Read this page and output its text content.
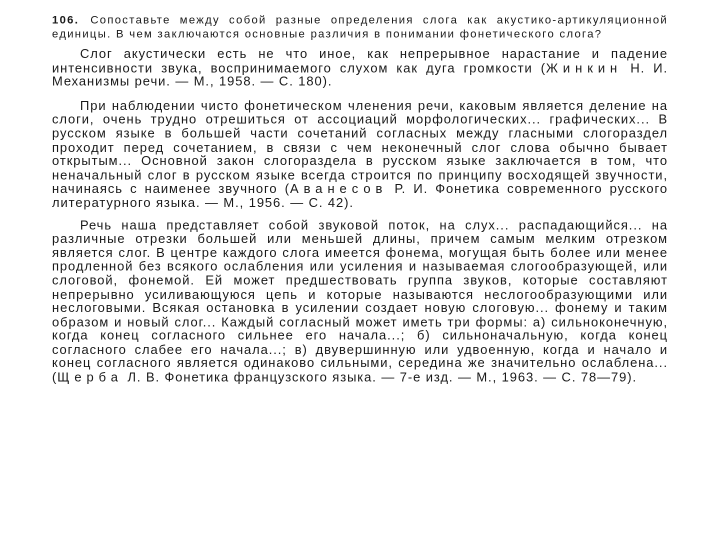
106. Сопоставьте между собой разные определения слога как акустико-артикуляционной единицы. В чем заключаются основные различия в понимании фонетического слога?

Слог акустически есть не что иное, как непрерывное нарастание и падение интенсивности звука, воспринимаемого слухом как дуга громкости (Жинкин Н. И. Механизмы речи. — М., 1958. — С. 180).

При наблюдении чисто фонетическом членения речи, каковым является деление на слоги, очень трудно отрешиться от ассоциаций морфологических... графических... В русском языке в большей части сочетаний согласных между гласными слогораздел проходит перед сочетанием, в связи с чем неконечный слог слова обычно бывает открытым... Основной закон слогораздела в русском языке заключается в том, что неначальный слог в русском языке всегда строится по принципу восходящей звучности, начинаясь с наименее звучного (Аванесов Р. И. Фонетика современного русского литературного языка. — М., 1956. — С. 42).

Речь наша представляет собой звуковой поток, на слух... распадающийся... на различные отрезки большей или меньшей длины, причем самым мелким отрезком является слог. В центре каждого слога имеется фонема, могущая быть более или менее продленной без всякого ослабления или усиления и называемая слогообразующей, или слоговой, фонемой. Ей может предшествовать группа звуков, которые составляют непрерывно усиливающуюся цепь и которые называются неслогообразующими или неслоговыми. Всякая остановка в усилении создает новую слоговую... фонему и таким образом и новый слог... Каждый согласный может иметь три формы: а) сильноконечную, когда конец согласного сильнее его начала...; б) сильноначальную, когда конец согласного слабее его начала...; в) двувершинную или удвоенную, когда и начало и конец согласного является одинаково сильными, середина же значительно ослаблена... (Щерба Л. В. Фонетика французского языка. — 7-е изд. — М., 1963. — С. 78—79).
